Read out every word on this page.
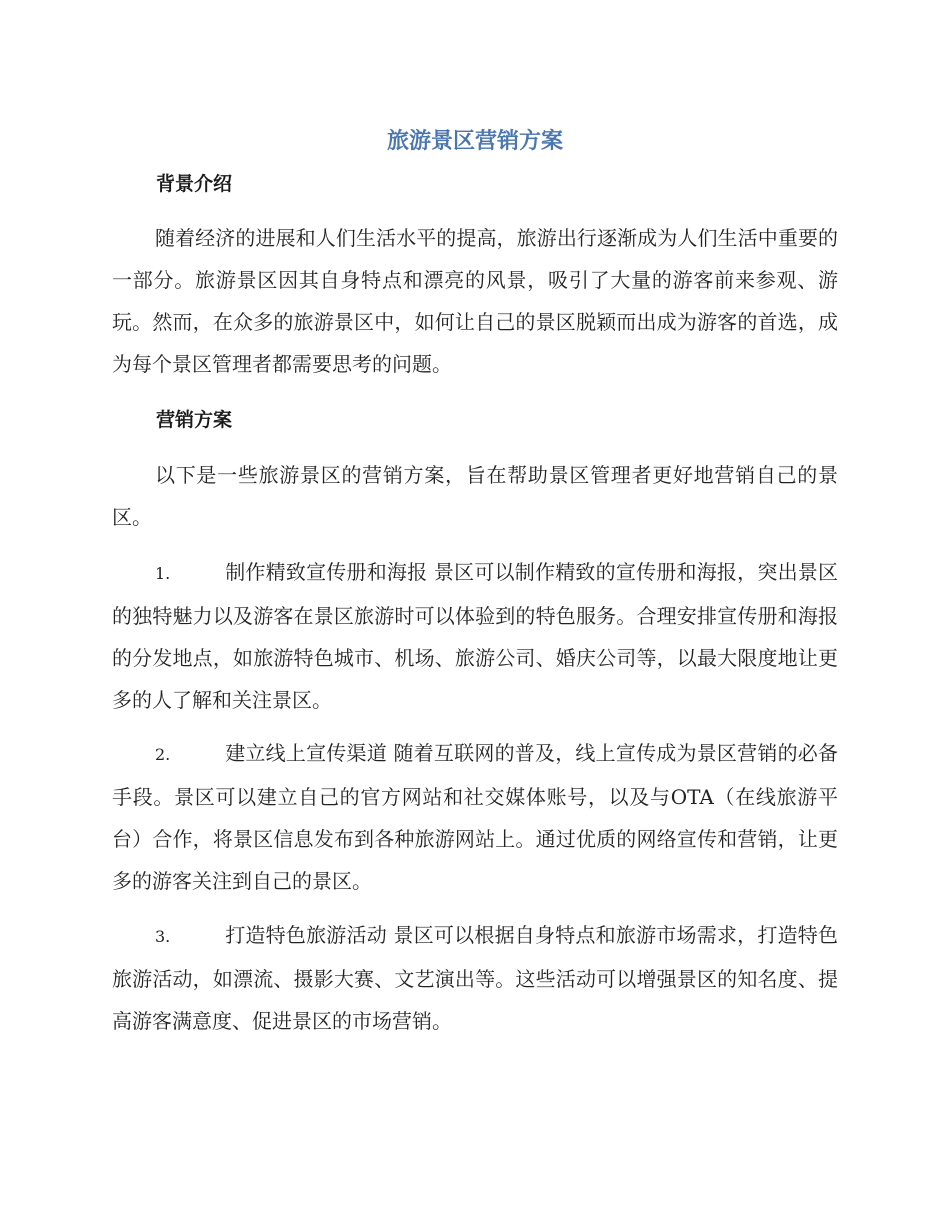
旅游景区营销方案
背景介绍

随着经济的进展和人们生活水平的提高，旅游出行逐渐成为人们生活中重要的一部分。旅游景区因其自身特点和漂亮的风景，吸引了大量的游客前来参观、游玩。然而，在众多的旅游景区中，如何让自己的景区脱颖而出成为游客的首选，成为每个景区管理者都需要思考的问题。

营销方案

以下是一些旅游景区的营销方案，旨在帮助景区管理者更好地营销自己的景区。

1.	制作精致宣传册和海报 景区可以制作精致的宣传册和海报，突出景区的独特魅力以及游客在景区旅游时可以体验到的特色服务。合理安排宣传册和海报的分发地点，如旅游特色城市、机场、旅游公司、婚庆公司等，以最大限度地让更多的人了解和关注景区。

2.	建立线上宣传渠道 随着互联网的普及，线上宣传成为景区营销的必备手段。景区可以建立自己的官方网站和社交媒体账号，以及与OTA（在线旅游平台）合作，将景区信息发布到各种旅游网站上。通过优质的网络宣传和营销，让更多的游客关注到自己的景区。

3.	打造特色旅游活动 景区可以根据自身特点和旅游市场需求，打造特色旅游活动，如漂流、摄影大赛、文艺演出等。这些活动可以增强景区的知名度、提高游客满意度、促进景区的市场营销。
